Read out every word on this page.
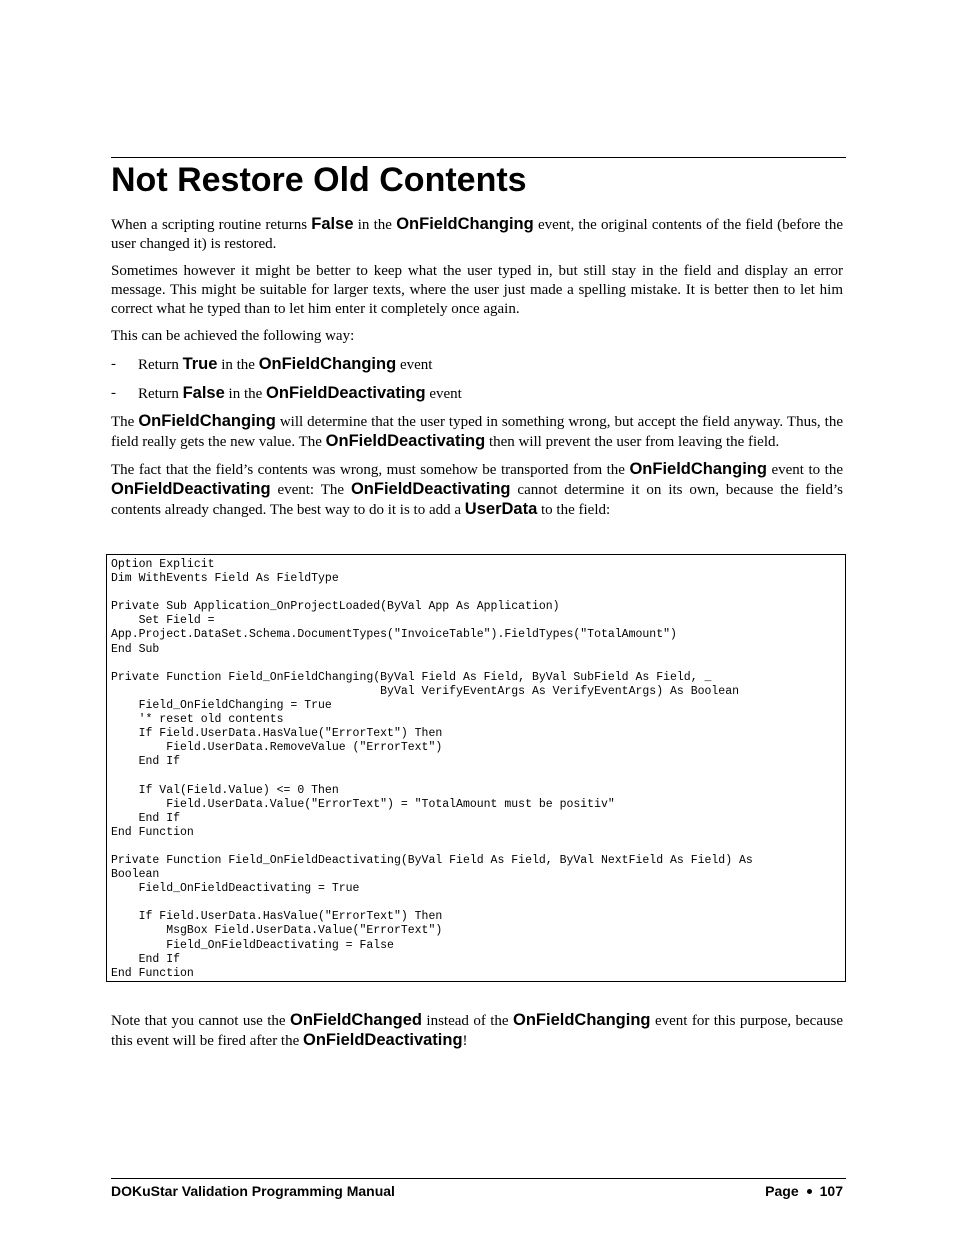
Not Restore Old Contents

When a scripting routine returns False in the OnFieldChanging event, the original contents of the field (before the user changed it) is restored.

Sometimes however it might be better to keep what the user typed in, but still stay in the field and display an error message. This might be suitable for larger texts, where the user just made a spelling mistake. It is better then to let him correct what he typed than to let him enter it completely once again.

This can be achieved the following way:

-	Return True in the OnFieldChanging event
-	Return False in the OnFieldDeactivating event

The OnFieldChanging will determine that the user typed in something wrong, but accept the field anyway. Thus, the field really gets the new value. The OnFieldDeactivating then will prevent the user from leaving the field.

The fact that the field’s contents was wrong, must somehow be transported from the OnFieldChanging event to the OnFieldDeactivating event: The OnFieldDeactivating cannot determine it on its own, because the field’s contents already changed. The best way to do it is to add a UserData to the field:

Option Explicit
Dim WithEvents Field As FieldType
Private Sub Application_OnProjectLoaded(ByVal App As Application)
Set Field =
App.Project.DataSet.Schema.DocumentTypes("InvoiceTable").FieldTypes("TotalAmount")
End Sub
Private Function Field_OnFieldChanging(ByVal Field As Field, ByVal SubField As Field, _
ByVal VerifyEventArgs As VerifyEventArgs) As Boolean
Field_OnFieldChanging = True
'* reset old contents
If Field.UserData.HasValue("ErrorText") Then
Field.UserData.RemoveValue ("ErrorText")
End If
If Val(Field.Value) <= 0 Then
Field.UserData.Value("ErrorText") = "TotalAmount must be positiv"
End If
End Function
Private Function Field_OnFieldDeactivating(ByVal Field As Field, ByVal NextField As Field) As
Boolean
Field_OnFieldDeactivating = True
If Field.UserData.HasValue("ErrorText") Then
MsgBox Field.UserData.Value("ErrorText")
Field_OnFieldDeactivating = False
End If
End Function

Note that you cannot use the OnFieldChanged instead of the OnFieldChanging event for this purpose, because this event will be fired after the OnFieldDeactivating!

DOKuStar Validation Programming Manual	Page 107
